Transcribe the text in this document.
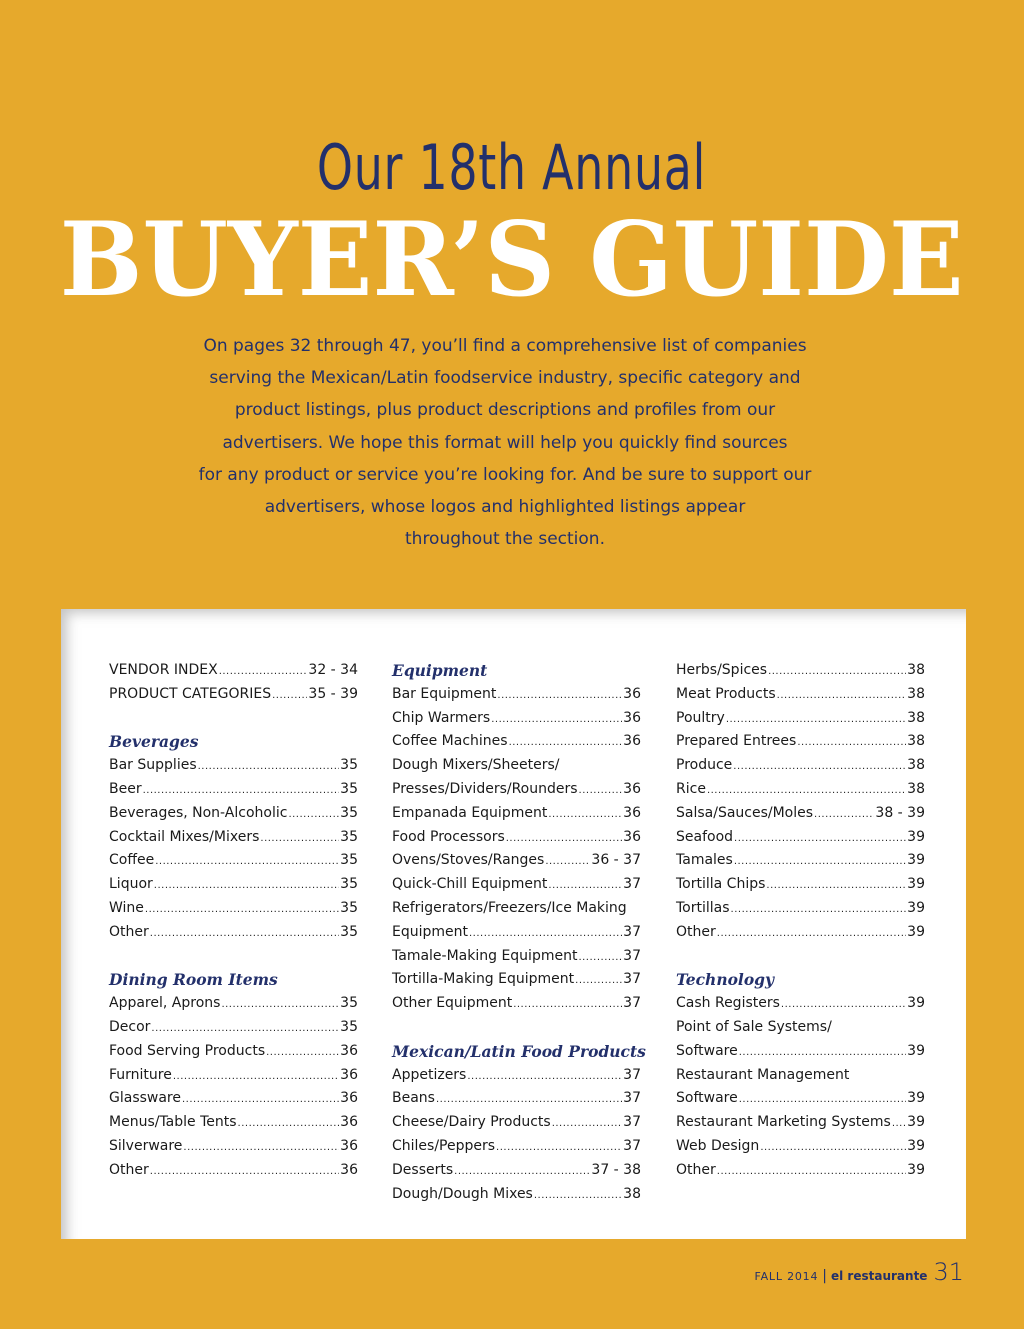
Our 18th Annual
BUYER’S GUIDE
On pages 32 through 47, you’ll find a comprehensive list of companies
serving the Mexican/Latin foodservice industry, specific category and
product listings, plus product descriptions and profiles from our
advertisers. We hope this format will help you quickly find sources
for any product or service you’re looking for. And be sure to support our
advertisers, whose logos and highlighted listings appear
throughout the section.
VENDOR INDEX .....	32 - 34
PRODUCT CATEGORIES .....	35 - 39
Beverages
Bar Supplies .....	35
Beer .....	35
Beverages, Non-Alcoholic .....	35
Cocktail Mixes/Mixers .....	35
Coffee .....	35
Liquor .....	35
Wine .....	35
Other .....	35
Dining Room Items
Apparel, Aprons .....	35
Decor .....	35
Food Serving Products .....	36
Furniture .....	36
Glassware .....	36
Menus/Table Tents .....	36
Silverware .....	36
Other .....	36
Equipment
Bar Equipment .....	36
Chip Warmers .....	36
Coffee Machines .....	36
Dough Mixers/Sheeters/
Presses/Dividers/Rounders .....	36
Empanada Equipment .....	36
Food Processors .....	36
Ovens/Stoves/Ranges .....	36 - 37
Quick-Chill Equipment .....	37
Refrigerators/Freezers/Ice Making
Equipment .....	37
Tamale-Making Equipment .....	37
Tortilla-Making Equipment .....	37
Other Equipment .....	37
Mexican/Latin Food Products
Appetizers .....	37
Beans .....	37
Cheese/Dairy Products .....	37
Chiles/Peppers .....	37
Desserts .....	37 - 38
Dough/Dough Mixes .....	38
Herbs/Spices .....	38
Meat Products .....	38
Poultry .....	38
Prepared Entrees .....	38
Produce .....	38
Rice .....	38
Salsa/Sauces/Moles .....	38 - 39
Seafood .....	39
Tamales .....	39
Tortilla Chips .....	39
Tortillas .....	39
Other .....	39
Technology
Cash Registers .....	39
Point of Sale Systems/
Software .....	39
Restaurant Management
Software .....	39
Restaurant Marketing Systems ..... 39
Web Design .....	39
Other .....	39
FALL 2014 | el restaurante 31
